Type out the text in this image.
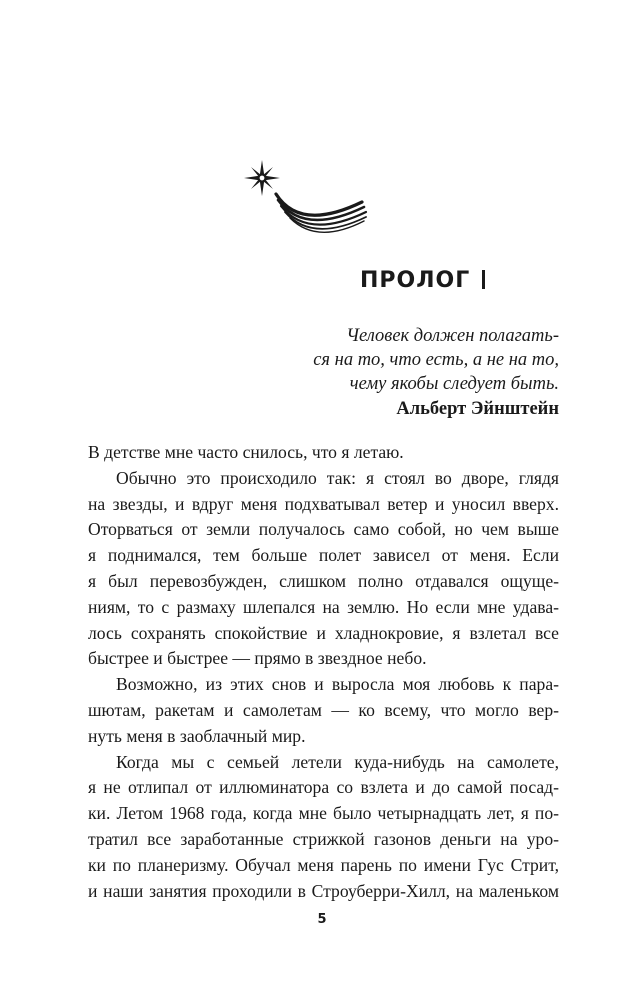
ПРОЛОГ
Человек должен полагать-
ся на то, что есть, а не на то,
чему якобы следует быть.
Альберт Эйнштейн
В детстве мне часто снилось, что я летаю.
Обычно это происходило так: я стоял во дворе, глядя
на звезды, и вдруг меня подхватывал ветер и уносил вверх.
Оторваться от земли получалось само собой, но чем выше
я поднимался, тем больше полет зависел от меня. Если
я был перевозбужден, слишком полно отдавался ощуще-
ниям, то с размаху шлепался на землю. Но если мне удава-
лось сохранять спокойствие и хладнокровие, я взлетал все
быстрее и быстрее — прямо в звездное небо.
Возможно, из этих снов и выросла моя любовь к пара-
шютам, ракетам и самолетам — ко всему, что могло вер-
нуть меня в заоблачный мир.
Когда мы с семьей летели куда-нибудь на самолете,
я не отлипал от иллюминатора со взлета и до самой посад-
ки. Летом 1968 года, когда мне было четырнадцать лет, я по-
тратил все заработанные стрижкой газонов деньги на уро-
ки по планеризму. Обучал меня парень по имени Гус Стрит,
и наши занятия проходили в Строуберри-Хилл, на маленьком
5
